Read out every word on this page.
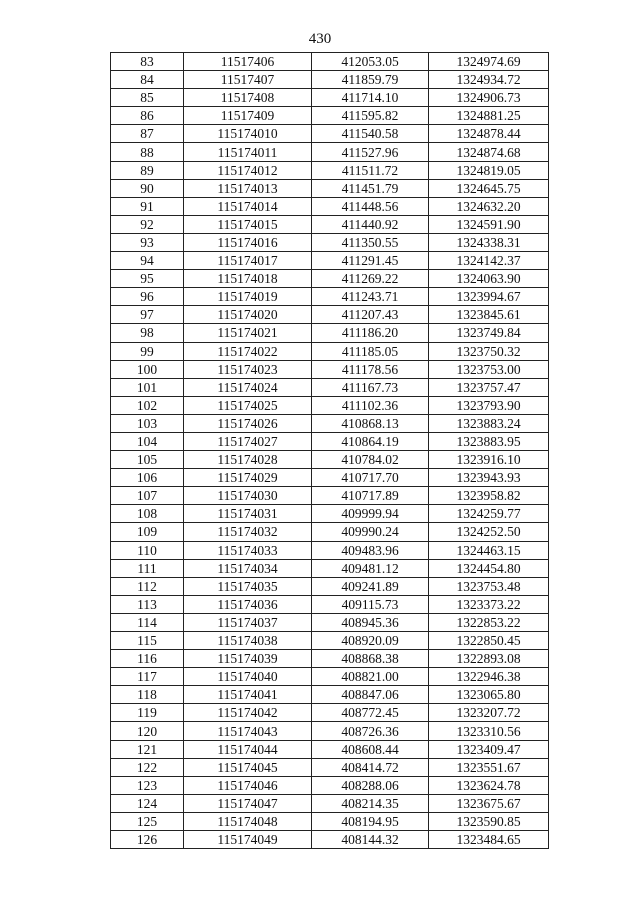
430
83	11517406	412053.05	1324974.69
84	11517407	411859.79	1324934.72
85	11517408	411714.10	1324906.73
86	11517409	411595.82	1324881.25
87	115174010	411540.58	1324878.44
88	115174011	411527.96	1324874.68
89	115174012	411511.72	1324819.05
90	115174013	411451.79	1324645.75
91	115174014	411448.56	1324632.20
92	115174015	411440.92	1324591.90
93	115174016	411350.55	1324338.31
94	115174017	411291.45	1324142.37
95	115174018	411269.22	1324063.90
96	115174019	411243.71	1323994.67
97	115174020	411207.43	1323845.61
98	115174021	411186.20	1323749.84
99	115174022	411185.05	1323750.32
100	115174023	411178.56	1323753.00
101	115174024	411167.73	1323757.47
102	115174025	411102.36	1323793.90
103	115174026	410868.13	1323883.24
104	115174027	410864.19	1323883.95
105	115174028	410784.02	1323916.10
106	115174029	410717.70	1323943.93
107	115174030	410717.89	1323958.82
108	115174031	409999.94	1324259.77
109	115174032	409990.24	1324252.50
110	115174033	409483.96	1324463.15
111	115174034	409481.12	1324454.80
112	115174035	409241.89	1323753.48
113	115174036	409115.73	1323373.22
114	115174037	408945.36	1322853.22
115	115174038	408920.09	1322850.45
116	115174039	408868.38	1322893.08
117	115174040	408821.00	1322946.38
118	115174041	408847.06	1323065.80
119	115174042	408772.45	1323207.72
120	115174043	408726.36	1323310.56
121	115174044	408608.44	1323409.47
122	115174045	408414.72	1323551.67
123	115174046	408288.06	1323624.78
124	115174047	408214.35	1323675.67
125	115174048	408194.95	1323590.85
126	115174049	408144.32	1323484.65
